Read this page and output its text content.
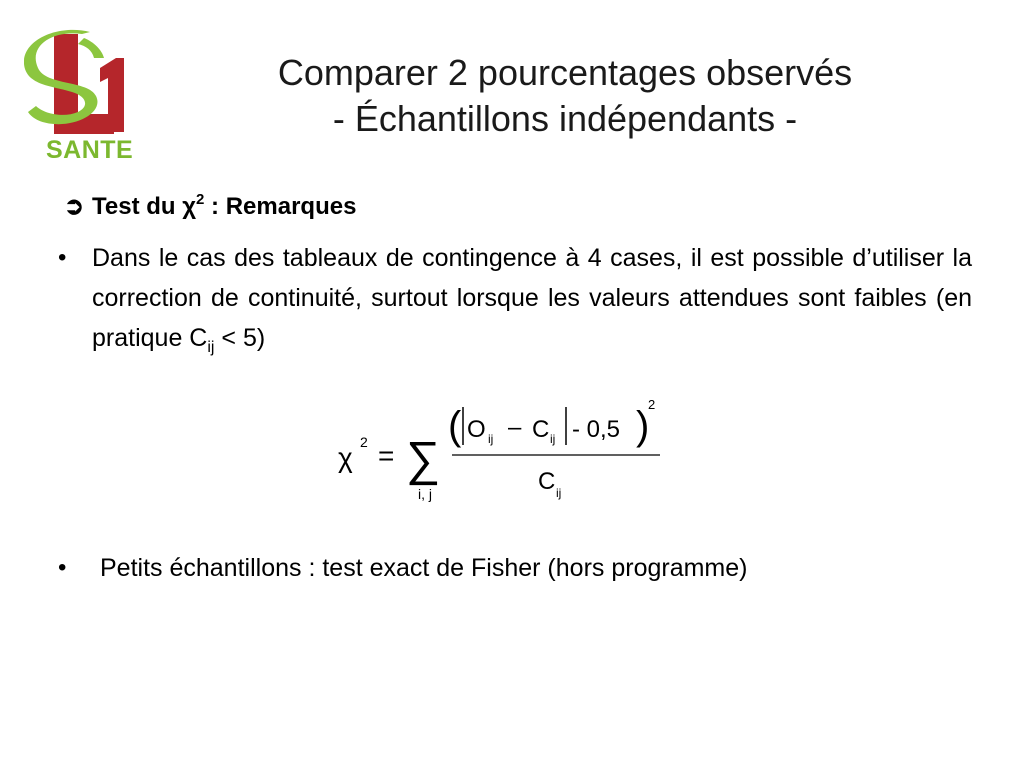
SANTE
Comparer 2 pourcentages observés
- Échantillons indépendants -
➲ Test du $\chi^2$ : Remarques
• Dans le cas des tableaux de contingence à 4 cases, il est possible d’utiliser la correction de continuité, surtout lorsque les valeurs attendues sont faibles (en pratique $C_{ij} < 5$)
χ 2 = ∑
i, j
( O ij – C ij - 0,5 )
2
C ij
• Petits échantillons : test exact de Fisher (hors programme)
